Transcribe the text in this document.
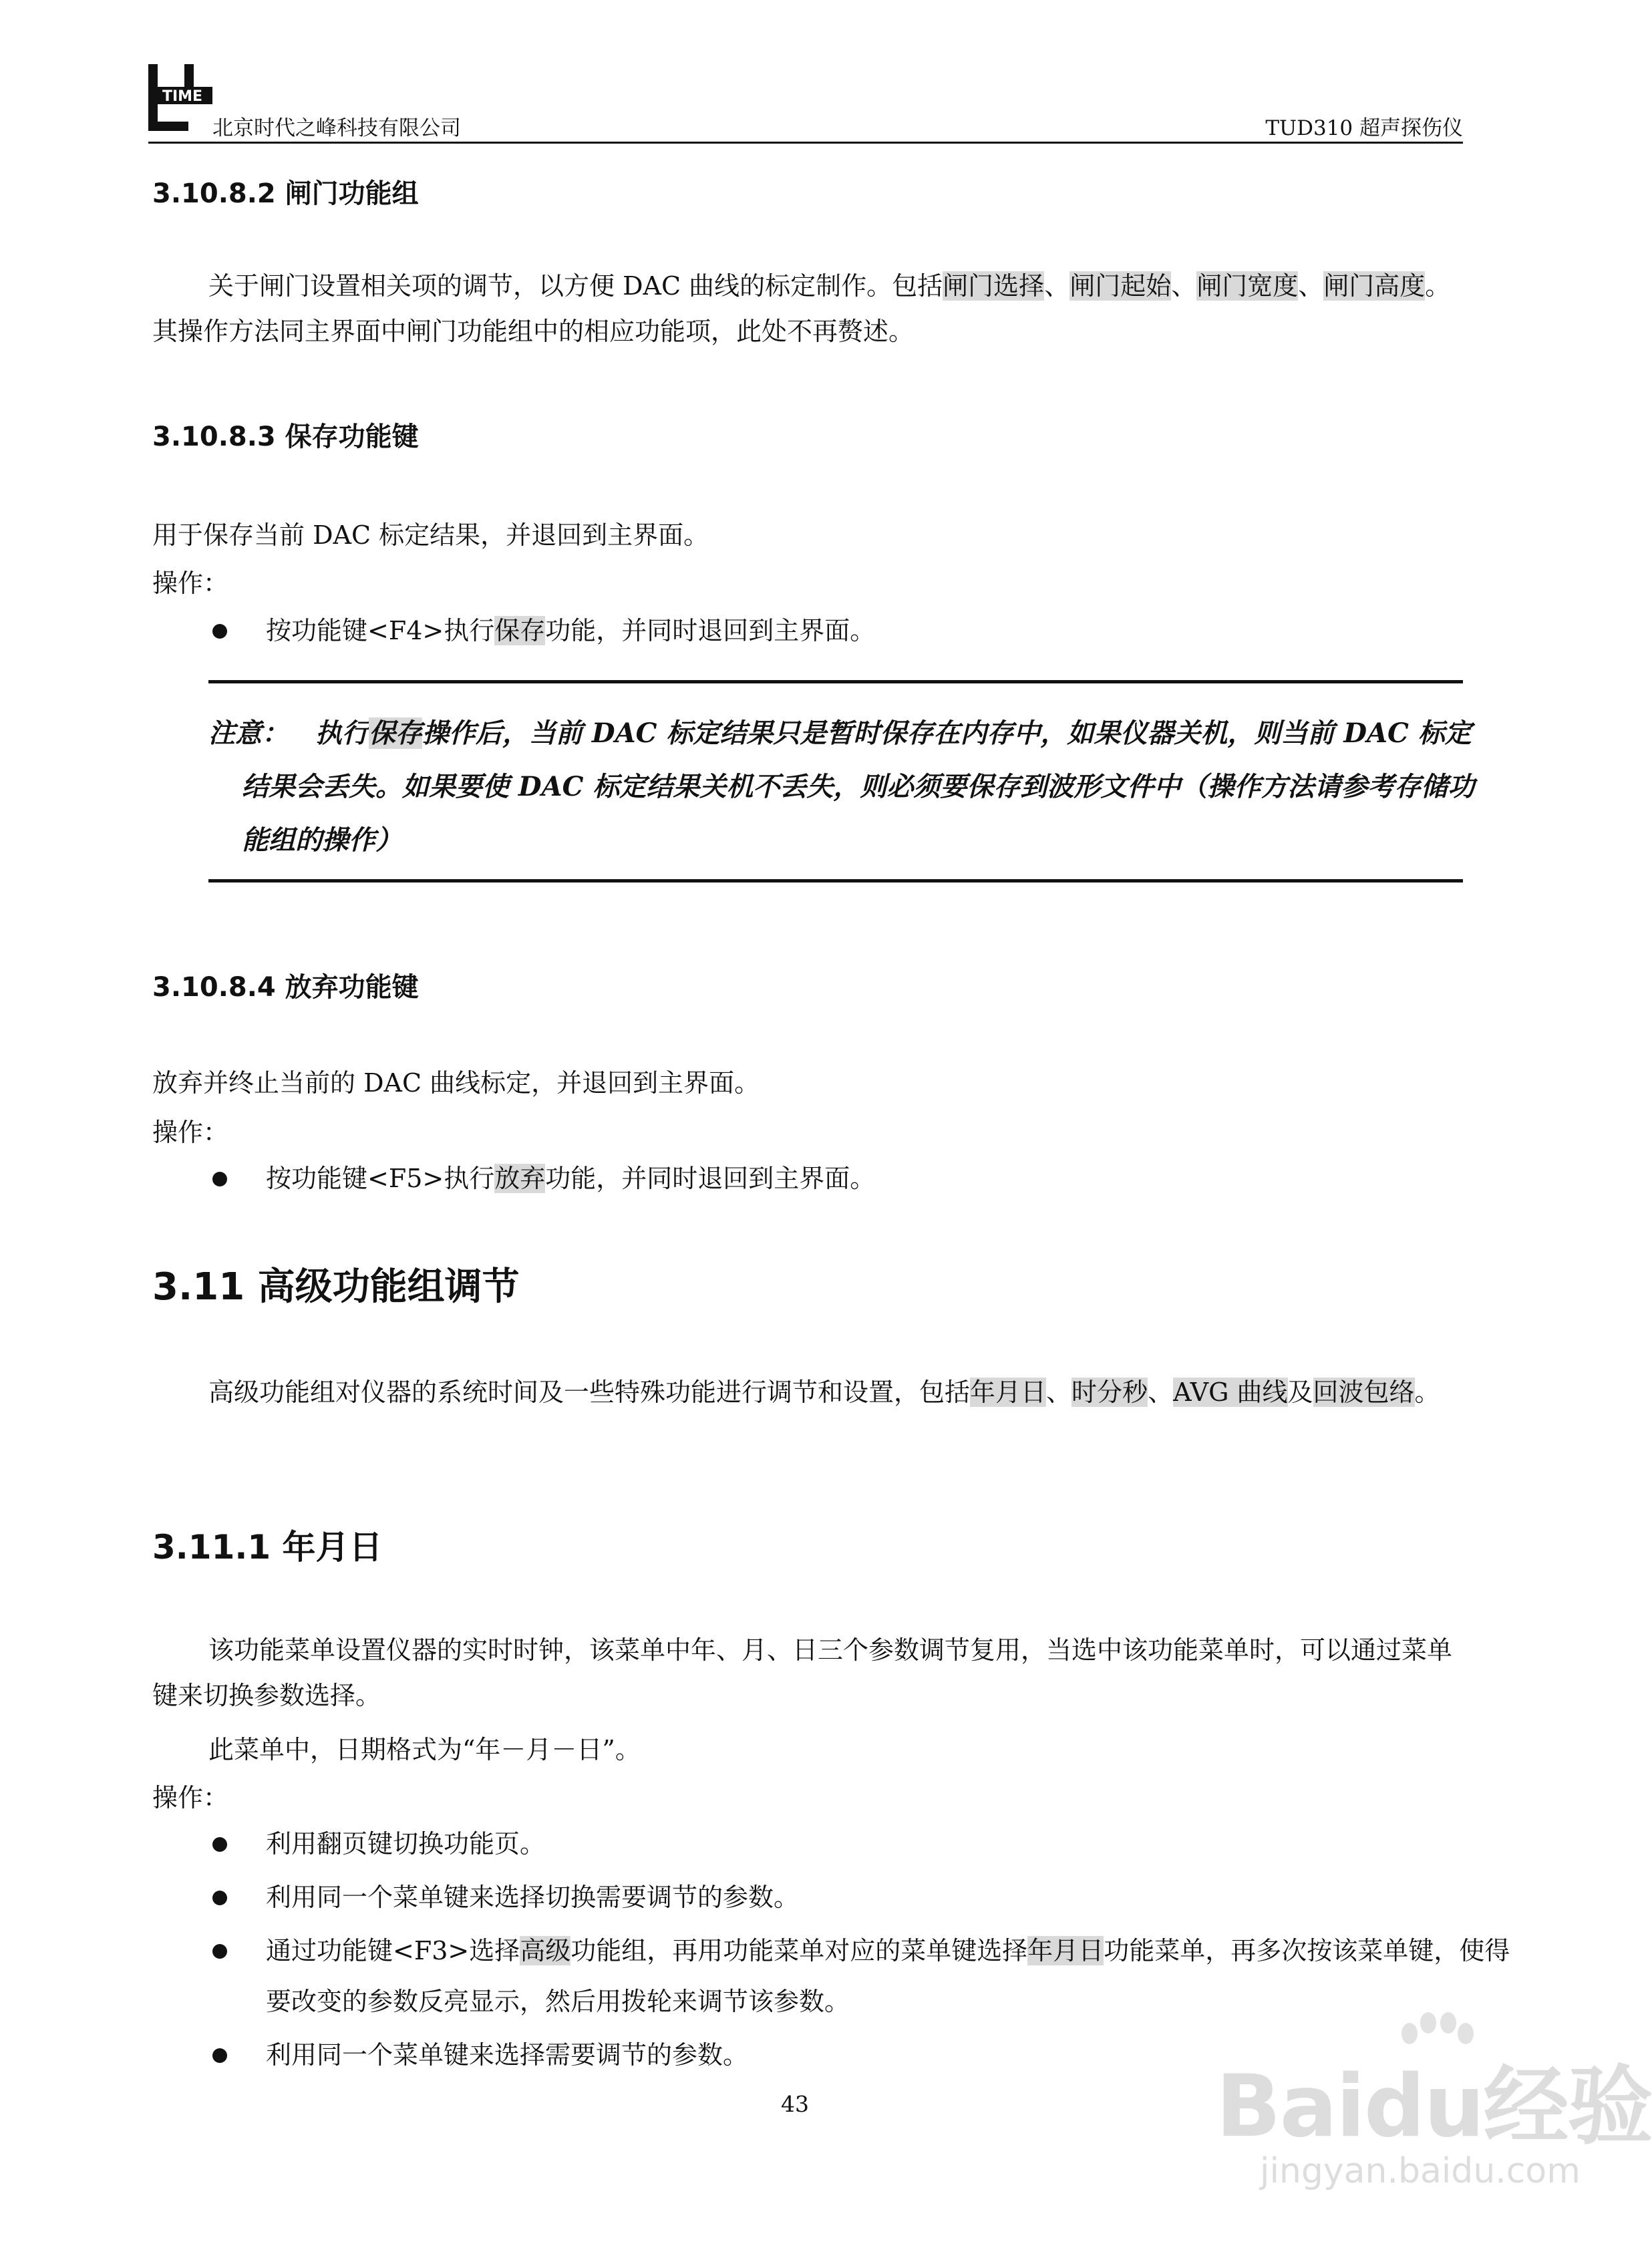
TIME
北京时代之峰科技有限公司	TUD310 超声探伤仪
3.10.8.2 闸门功能组
关于闸门设置相关项的调节，以方便 DAC 曲线的标定制作。包括闸门选择、闸门起始、闸门宽度、闸门高度。其操作方法同主界面中闸门功能组中的相应功能项，此处不再赘述。
3.10.8.3 保存功能键
用于保存当前 DAC 标定结果，并退回到主界面。
操作：
按功能键<F4>执行保存功能，并同时退回到主界面。
注意：  执行保存操作后，当前 DAC 标定结果只是暂时保存在内存中，如果仪器关机，则当前 DAC 标定结果会丢失。如果要使 DAC 标定结果关机不丢失，则必须要保存到波形文件中（操作方法请参考存储功能组的操作）
3.10.8.4 放弃功能键
放弃并终止当前的 DAC 曲线标定，并退回到主界面。
操作：
按功能键<F5>执行放弃功能，并同时退回到主界面。
3.11 高级功能组调节
高级功能组对仪器的系统时间及一些特殊功能进行调节和设置，包括年月日、时分秒、AVG 曲线及回波包络。
3.11.1 年月日
该功能菜单设置仪器的实时时钟，该菜单中年、月、日三个参数调节复用，当选中该功能菜单时，可以通过菜单键来切换参数选择。
此菜单中，日期格式为“年－月－日”。
操作：
利用翻页键切换功能页。
利用同一个菜单键来选择切换需要调节的参数。
通过功能键<F3>选择高级功能组，再用功能菜单对应的菜单键选择年月日功能菜单，再多次按该菜单键，使得要改变的参数反亮显示，然后用拨轮来调节该参数。
利用同一个菜单键来选择需要调节的参数。
43	Baidu经验
jingyan.baidu.com
